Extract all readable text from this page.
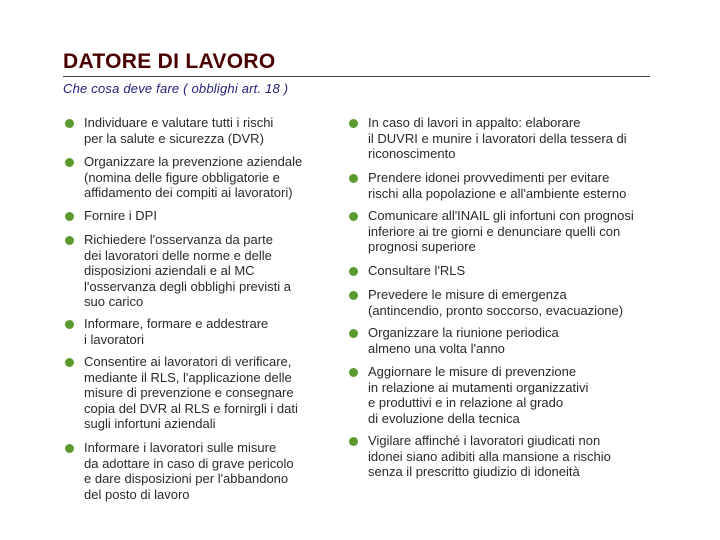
DATORE DI LAVORO

Che cosa deve fare ( obblighi art. 18 )

Individuare e valutare tutti i rischi
per la salute e sicurezza (DVR)
Organizzare la prevenzione aziendale
(nomina delle figure obbligatorie e
affidamento dei compiti ai lavoratori)
Fornire i DPI
Richiedere l'osservanza da parte
dei lavoratori delle norme e delle
disposizioni aziendali e al MC
l'osservanza degli obblighi previsti a
suo carico
Informare, formare e addestrare
i lavoratori
Consentire ai lavoratori di verificare,
mediante il RLS, l'applicazione delle
misure di prevenzione e consegnare
copia del DVR al RLS e fornirgli i dati
sugli infortuni aziendali
Informare i lavoratori sulle misure
da adottare in caso di grave pericolo
e dare disposizioni per l'abbandono
del posto di lavoro
In caso di lavori in appalto: elaborare
il DUVRI e munire i lavoratori della tessera di
riconoscimento
Prendere idonei provvedimenti per evitare
rischi alla popolazione e all'ambiente esterno
Comunicare all'INAIL gli infortuni con prognosi
inferiore ai tre giorni e denunciare quelli con
prognosi superiore
Consultare l'RLS
Prevedere le misure di emergenza
(antincendio, pronto soccorso, evacuazione)
Organizzare la riunione periodica
almeno una volta l'anno
Aggiornare le misure di prevenzione
in relazione ai mutamenti organizzativi
e produttivi e in relazione al grado
di evoluzione della tecnica
Vigilare affinché i lavoratori giudicati non
idonei siano adibiti alla mansione a rischio
senza il prescritto giudizio di idoneità
